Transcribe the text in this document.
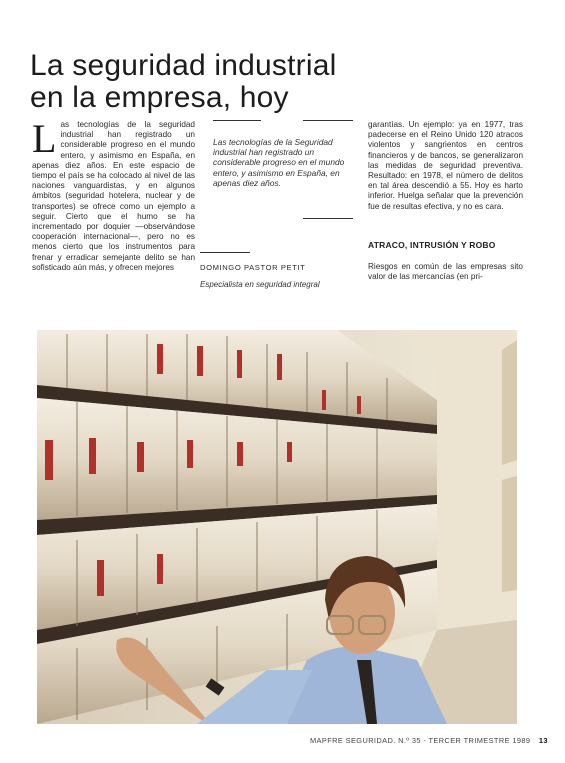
La seguridad industrial
en la empresa, hoy
L as tecnologías de la seguridad industrial han registrado un considerable progreso en el mundo entero, y asimismo en España, en apenas diez años. En este espacio de tiempo el país se ha colocado al nivel de las naciones vanguardistas, y en algunos ámbitos (seguridad hotelera, nuclear y de transportes) se ofrece como un ejemplo a seguir. Cierto que el humo se ha incrementado por doquier —observándose cooperación internacional—, pero no es menos cierto que los instrumentos para frenar y erradicar semejante delito se han sofisticado aún más, y ofrecen mejores
Las tecnologías de la Seguridad industrial han registrado un considerable progreso en el mundo entero, y asimismo en España, en apenas diez años.
DOMINGO PASTOR PETIT
Especialista en seguridad integral
garantías. Un ejemplo: ya en 1977, tras padecerse en el Reino Unido 120 atracos violentos y sangrientos en centros financieros y de bancos, se generalizaron las medidas de seguridad preventiva. Resultado: en 1978, el número de delitos en tal área descendió a 55. Hoy es harto inferior. Huelga señalar que la prevención fue de resultas efectiva, y no es cara.
ATRACO, INTRUSIÓN Y ROBO
Riesgos en común de las empresas sito valor de las mercancías (en pri-
MAPFRE SEGURIDAD. N.º 35 - TERCER TRIMESTRE 1989 13
